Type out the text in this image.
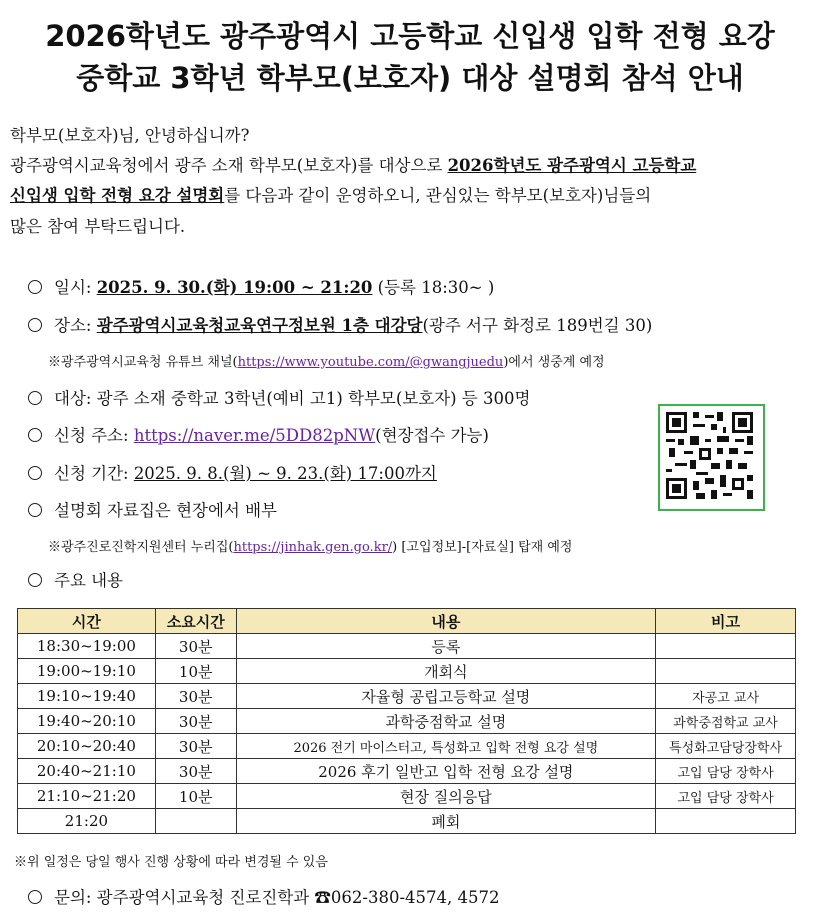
2026학년도 광주광역시 고등학교 신입생 입학 전형 요강
중학교 3학년 학부모(보호자) 대상 설명회 참석 안내
학부모(보호자)님, 안녕하십니까?
광주광역시교육청에서 광주 소재 학부모(보호자)를 대상으로 2026학년도 광주광역시 고등학교
신입생 입학 전형 요강 설명회를 다음과 같이 운영하오니, 관심있는 학부모(보호자)님들의
많은 참여 부탁드립니다.
일시: 2025. 9. 30.(화) 19:00 ~ 21:20 (등록 18:30~ )
장소: 광주광역시교육청교육연구정보원 1층 대강당(광주 서구 화정로 189번길 30)
※광주광역시교육청 유튜브 채널(https://www.youtube.com/@gwangjuedu)에서 생중계 예정
대상: 광주 소재 중학교 3학년(예비 고1) 학부모(보호자) 등 300명
신청 주소: https://naver.me/5DD82pNW(현장접수 가능)
신청 기간: 2025. 9. 8.(월) ~ 9. 23.(화) 17:00까지
설명회 자료집은 현장에서 배부
※광주진로진학지원센터 누리집(https://jinhak.gen.go.kr/) [고입정보]-[자료실] 탑재 예정
주요 내용
시간	소요시간	내용	비고
18:30~19:00	30분	등록	
19:00~19:10	10분	개회식	
19:10~19:40	30분	자율형 공립고등학교 설명	자공고 교사
19:40~20:10	30분	과학중점학교 설명	과학중점학교 교사
20:10~20:40	30분	2026 전기 마이스터고, 특성화고 입학 전형 요강 설명	특성화고담당장학사
20:40~21:10	30분	2026 후기 일반고 입학 전형 요강 설명	고입 담당 장학사
21:10~21:20	10분	현장 질의응답	고입 담당 장학사
21:20		폐회	
※위 일정은 당일 행사 진행 상황에 따라 변경될 수 있음
문의: 광주광역시교육청 진로진학과 ☎062-380-4574, 4572
